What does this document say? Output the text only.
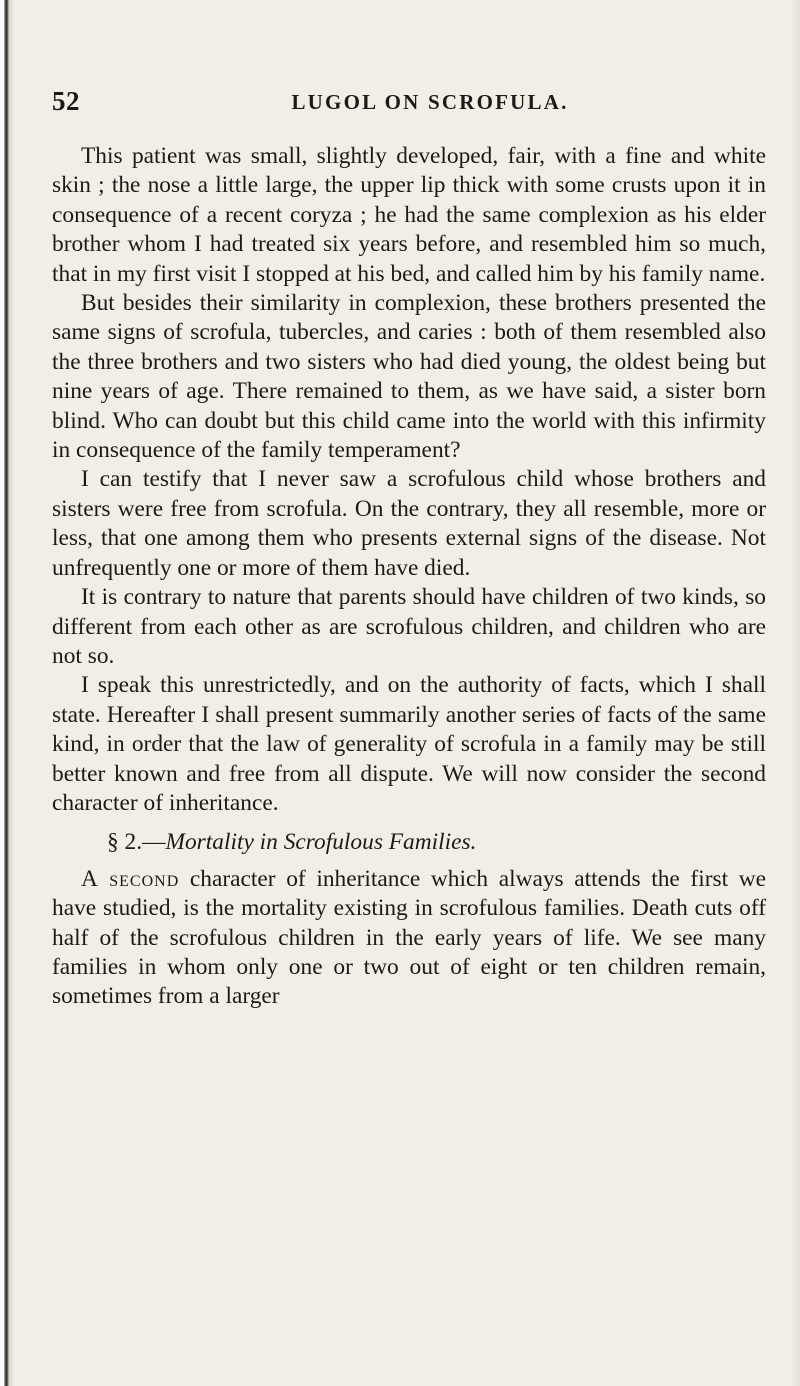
52	LUGOL ON SCROFULA.

This patient was small, slightly developed, fair, with a fine and white skin ; the nose a little large, the upper lip thick with some crusts upon it in consequence of a recent coryza ; he had the same complexion as his elder brother whom I had treated six years before, and resembled him so much, that in my first visit I stopped at his bed, and called him by his family name.

But besides their similarity in complexion, these brothers presented the same signs of scrofula, tubercles, and caries : both of them resembled also the three brothers and two sisters who had died young, the oldest being but nine years of age. There remained to them, as we have said, a sister born blind. Who can doubt but this child came into the world with this infirmity in consequence of the family temperament?

I can testify that I never saw a scrofulous child whose brothers and sisters were free from scrofula. On the contrary, they all resemble, more or less, that one among them who presents external signs of the disease. Not unfrequently one or more of them have died.

It is contrary to nature that parents should have children of two kinds, so different from each other as are scrofulous children, and children who are not so.

I speak this unrestrictedly, and on the authority of facts, which I shall state. Hereafter I shall present summarily another series of facts of the same kind, in order that the law of generality of scrofula in a family may be still better known and free from all dispute. We will now consider the second character of inheritance.

§ 2.—Mortality in Scrofulous Families.

A second character of inheritance which always attends the first we have studied, is the mortality existing in scrofulous families. Death cuts off half of the scrofulous children in the early years of life. We see many families in whom only one or two out of eight or ten children remain, sometimes from a larger
